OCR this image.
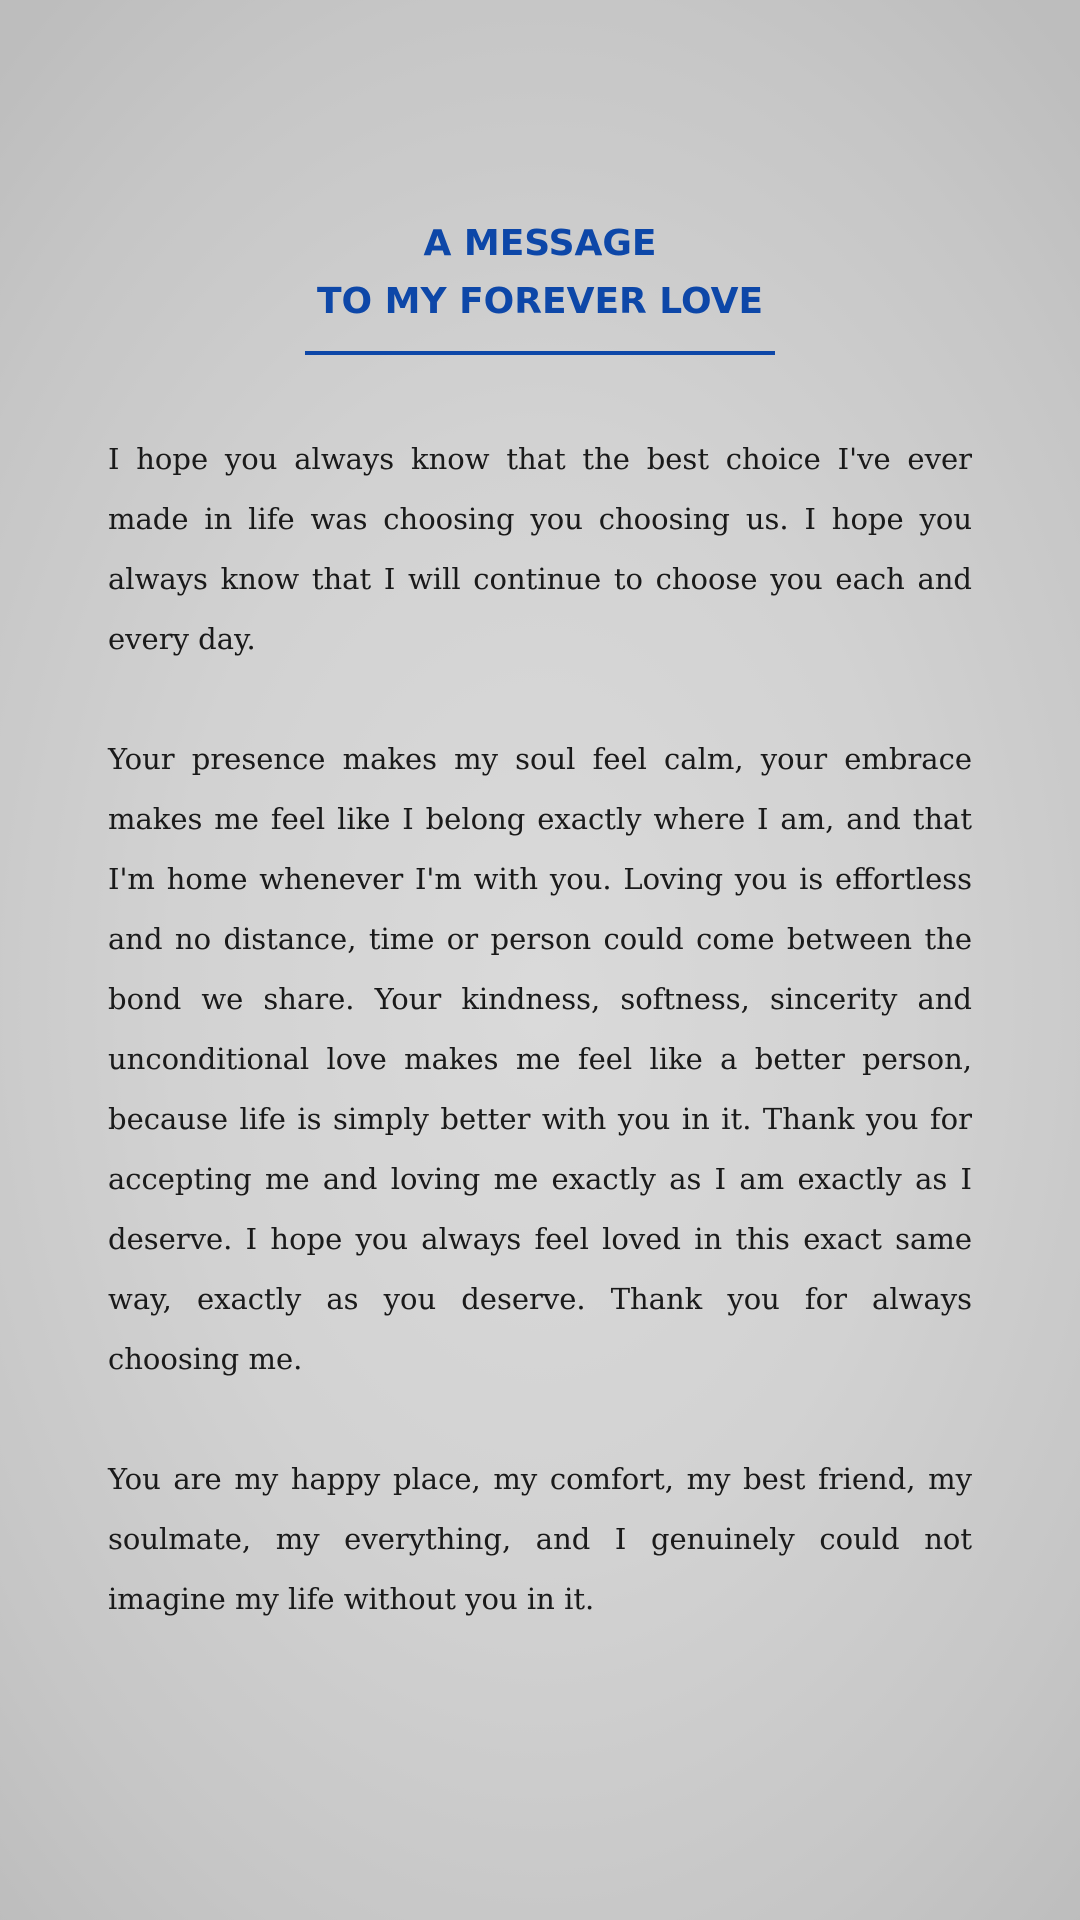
A MESSAGE
TO MY FOREVER LOVE

I hope you always know that the best choice I've ever made in life was choosing you choosing us. I hope you always know that I will continue to choose you each and every day.

Your presence makes my soul feel calm, your embrace makes me feel like I belong exactly where I am, and that I'm home whenever I'm with you. Loving you is effortless and no distance, time or person could come between the bond we share. Your kindness, softness, sincerity and unconditional love makes me feel like a better person, because life is simply better with you in it. Thank you for accepting me and loving me exactly as I am exactly as I deserve. I hope you always feel loved in this exact same way, exactly as you deserve. Thank you for always choosing me.

You are my happy place, my comfort, my best friend, my soulmate, my everything, and I genuinely could not imagine my life without you in it.
